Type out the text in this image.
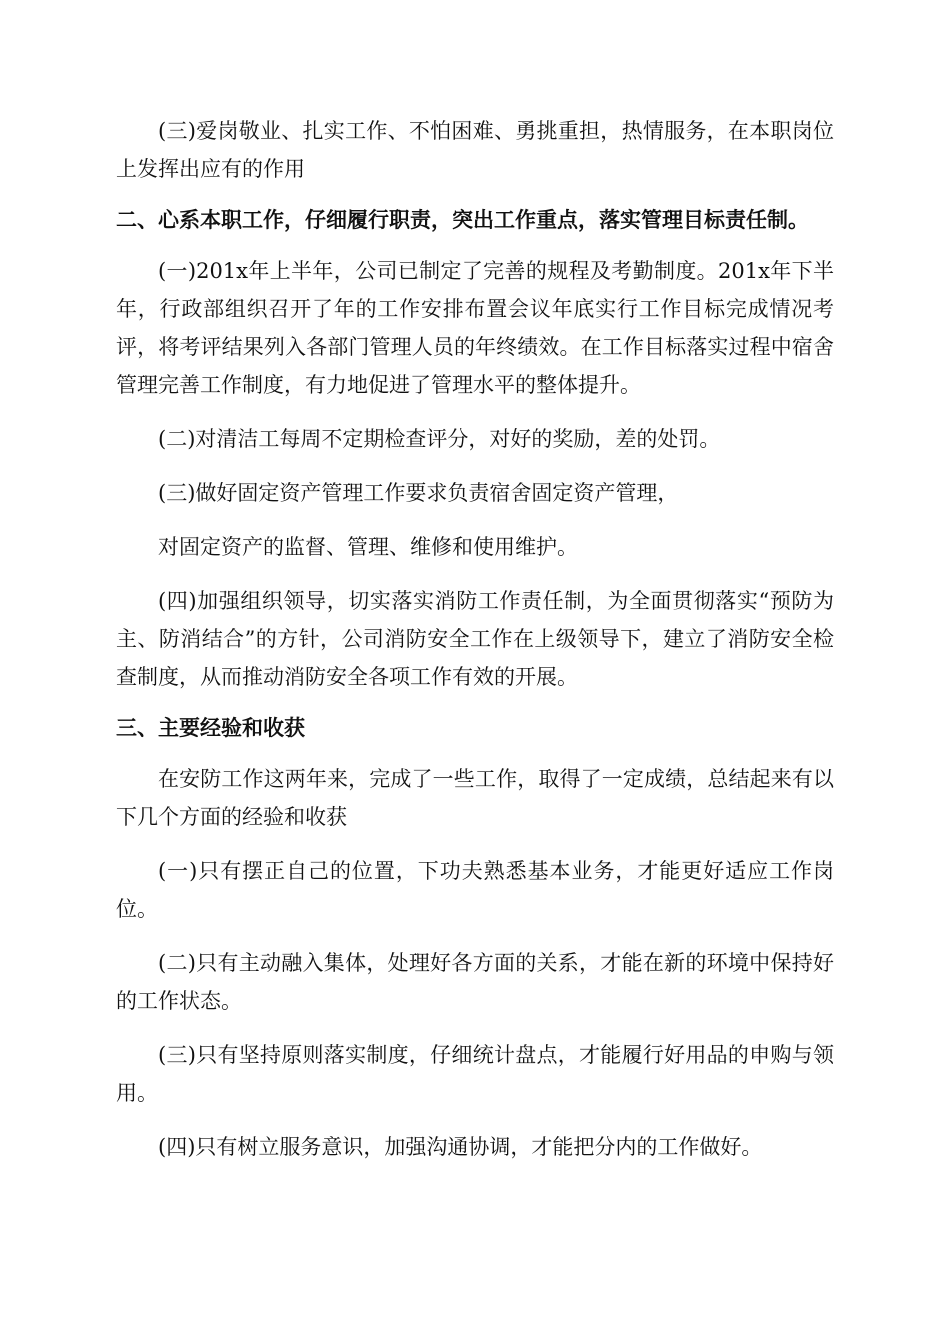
(三)爱岗敬业、扎实工作、不怕困难、勇挑重担，热情服务，在本职岗位上发挥出应有的作用

二、心系本职工作，仔细履行职责，突出工作重点，落实管理目标责任制。

(一)201x年上半年，公司已制定了完善的规程及考勤制度。201x年下半年，行政部组织召开了年的工作安排布置会议年底实行工作目标完成情况考评，将考评结果列入各部门管理人员的年终绩效。在工作目标落实过程中宿舍管理完善工作制度，有力地促进了管理水平的整体提升。

(二)对清洁工每周不定期检查评分，对好的奖励，差的处罚。

(三)做好固定资产管理工作要求负责宿舍固定资产管理，

对固定资产的监督、管理、维修和使用维护。

(四)加强组织领导，切实落实消防工作责任制，为全面贯彻落实“预防为主、防消结合”的方针，公司消防安全工作在上级领导下，建立了消防安全检查制度，从而推动消防安全各项工作有效的开展。

三、主要经验和收获

在安防工作这两年来，完成了一些工作，取得了一定成绩，总结起来有以下几个方面的经验和收获

(一)只有摆正自己的位置，下功夫熟悉基本业务，才能更好适应工作岗位。

(二)只有主动融入集体，处理好各方面的关系，才能在新的环境中保持好的工作状态。

(三)只有坚持原则落实制度，仔细统计盘点，才能履行好用品的申购与领用。

(四)只有树立服务意识，加强沟通协调，才能把分内的工作做好。
